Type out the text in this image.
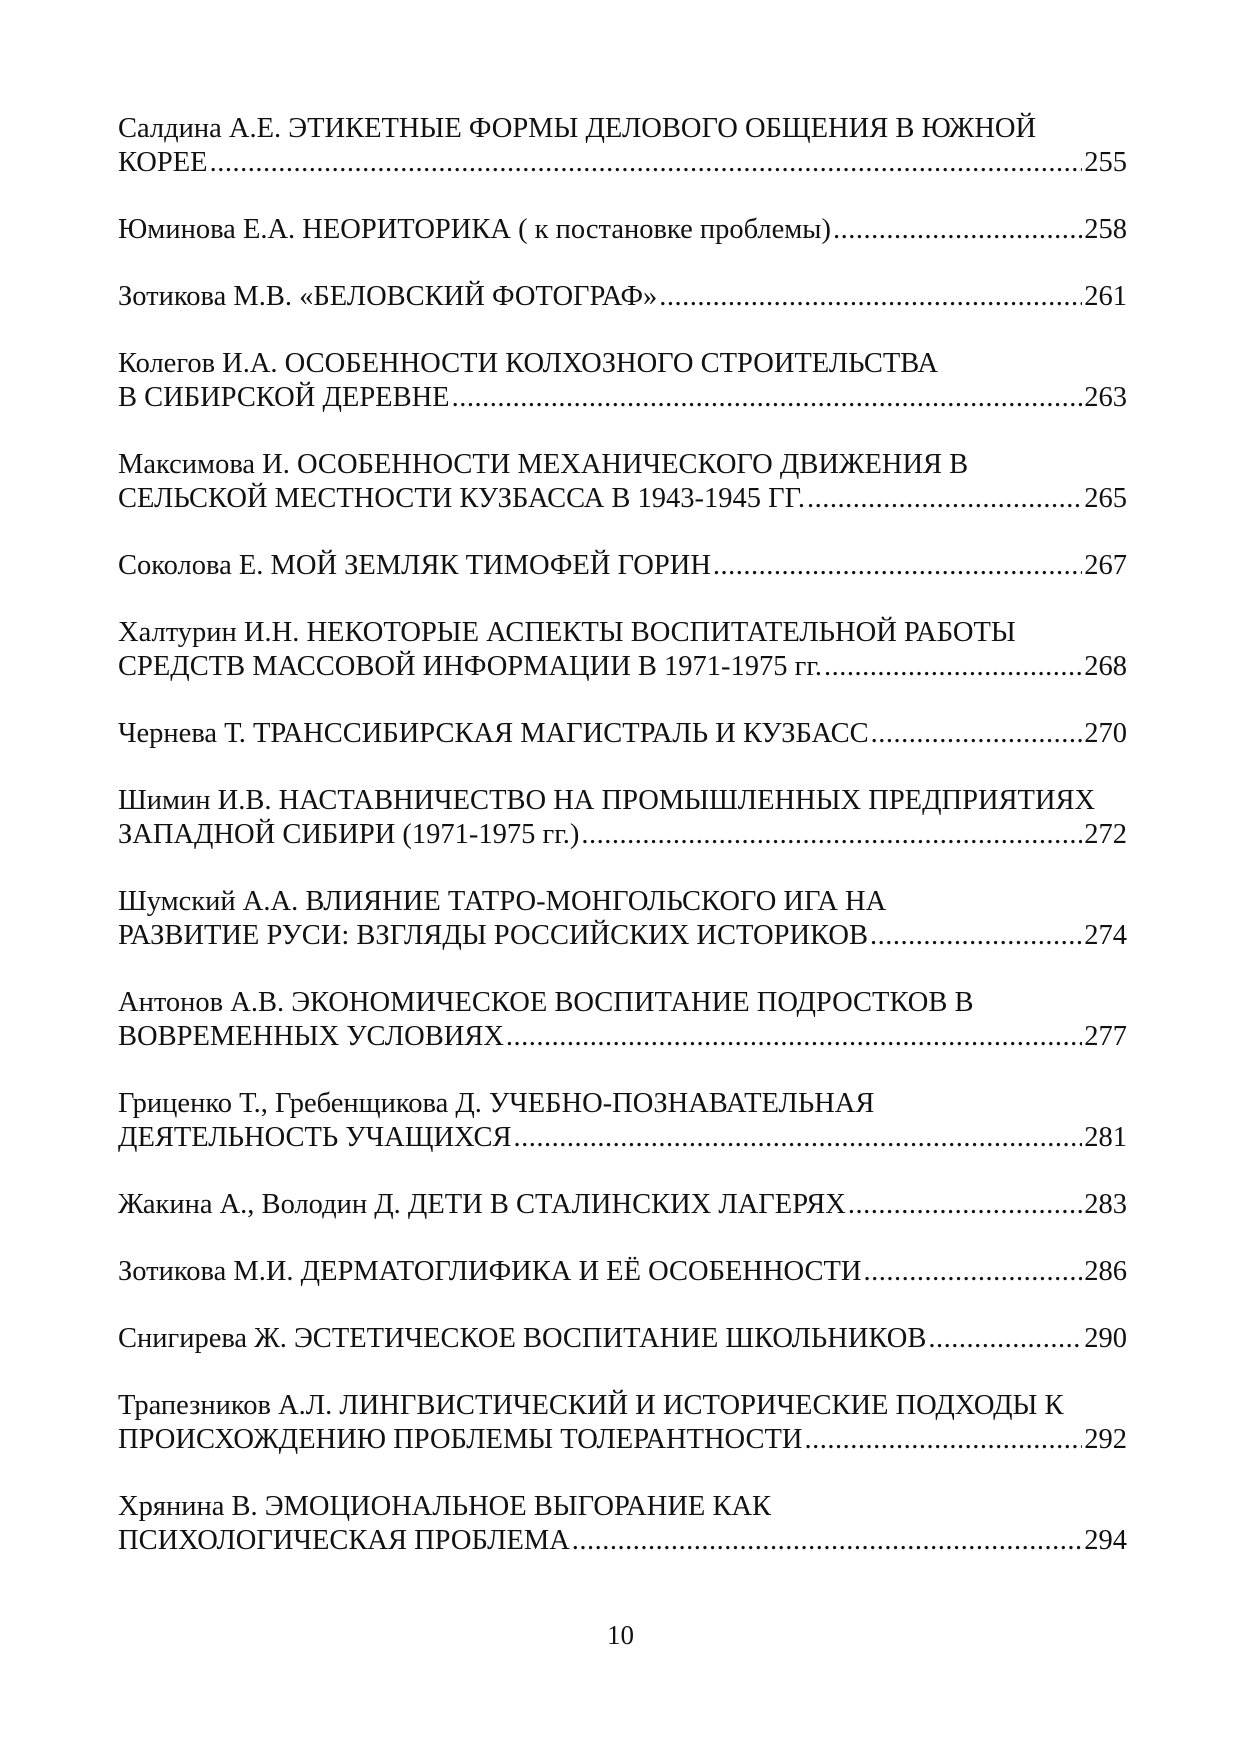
Салдина А.Е. ЭТИКЕТНЫЕ ФОРМЫ ДЕЛОВОГО ОБЩЕНИЯ В ЮЖНОЙ
КОРЕЕ .....	255
Юминова Е.А. НЕОРИТОРИКА ( к постановке проблемы) .....	258
Зотикова М.В. «БЕЛОВСКИЙ ФОТОГРАФ» .....	261
Колегов И.А. ОСОБЕННОСТИ КОЛХОЗНОГО СТРОИТЕЛЬСТВА
В СИБИРСКОЙ ДЕРЕВНЕ .....	263
Максимова И. ОСОБЕННОСТИ МЕХАНИЧЕСКОГО ДВИЖЕНИЯ В
СЕЛЬСКОЙ МЕСТНОСТИ КУЗБАССА В 1943-1945 ГГ. .....	265
Соколова Е. МОЙ ЗЕМЛЯК ТИМОФЕЙ ГОРИН .....	267
Халтурин И.Н. НЕКОТОРЫЕ АСПЕКТЫ ВОСПИТАТЕЛЬНОЙ РАБОТЫ
СРЕДСТВ МАССОВОЙ ИНФОРМАЦИИ В 1971-1975 гг. .....	268
Чернева Т. ТРАНССИБИРСКАЯ МАГИСТРАЛЬ И КУЗБАСС .....	270
Шимин И.В. НАСТАВНИЧЕСТВО НА ПРОМЫШЛЕННЫХ ПРЕДПРИЯТИЯХ
ЗАПАДНОЙ СИБИРИ (1971-1975 гг.) .....	272
Шумский А.А. ВЛИЯНИЕ ТАТРО-МОНГОЛЬСКОГО ИГА НА
РАЗВИТИЕ РУСИ: ВЗГЛЯДЫ РОССИЙСКИХ ИСТОРИКОВ .....	274
Антонов А.В. ЭКОНОМИЧЕСКОЕ ВОСПИТАНИЕ ПОДРОСТКОВ В
ВОВРЕМЕННЫХ УСЛОВИЯХ .....	277
Гриценко Т., Гребенщикова Д. УЧЕБНО-ПОЗНАВАТЕЛЬНАЯ
ДЕЯТЕЛЬНОСТЬ УЧАЩИХСЯ .....	281
Жакина А., Володин Д. ДЕТИ В СТАЛИНСКИХ ЛАГЕРЯХ .....	283
Зотикова М.И. ДЕРМАТОГЛИФИКА И ЕЁ ОСОБЕННОСТИ .....	286
Снигирева Ж. ЭСТЕТИЧЕСКОЕ ВОСПИТАНИЕ ШКОЛЬНИКОВ .....	290
Трапезников А.Л. ЛИНГВИСТИЧЕСКИЙ И ИСТОРИЧЕСКИЕ ПОДХОДЫ К
ПРОИСХОЖДЕНИЮ ПРОБЛЕМЫ ТОЛЕРАНТНОСТИ .....	292
Хрянина В. ЭМОЦИОНАЛЬНОЕ ВЫГОРАНИЕ КАК
ПСИХОЛОГИЧЕСКАЯ ПРОБЛЕМА .....	294
10
